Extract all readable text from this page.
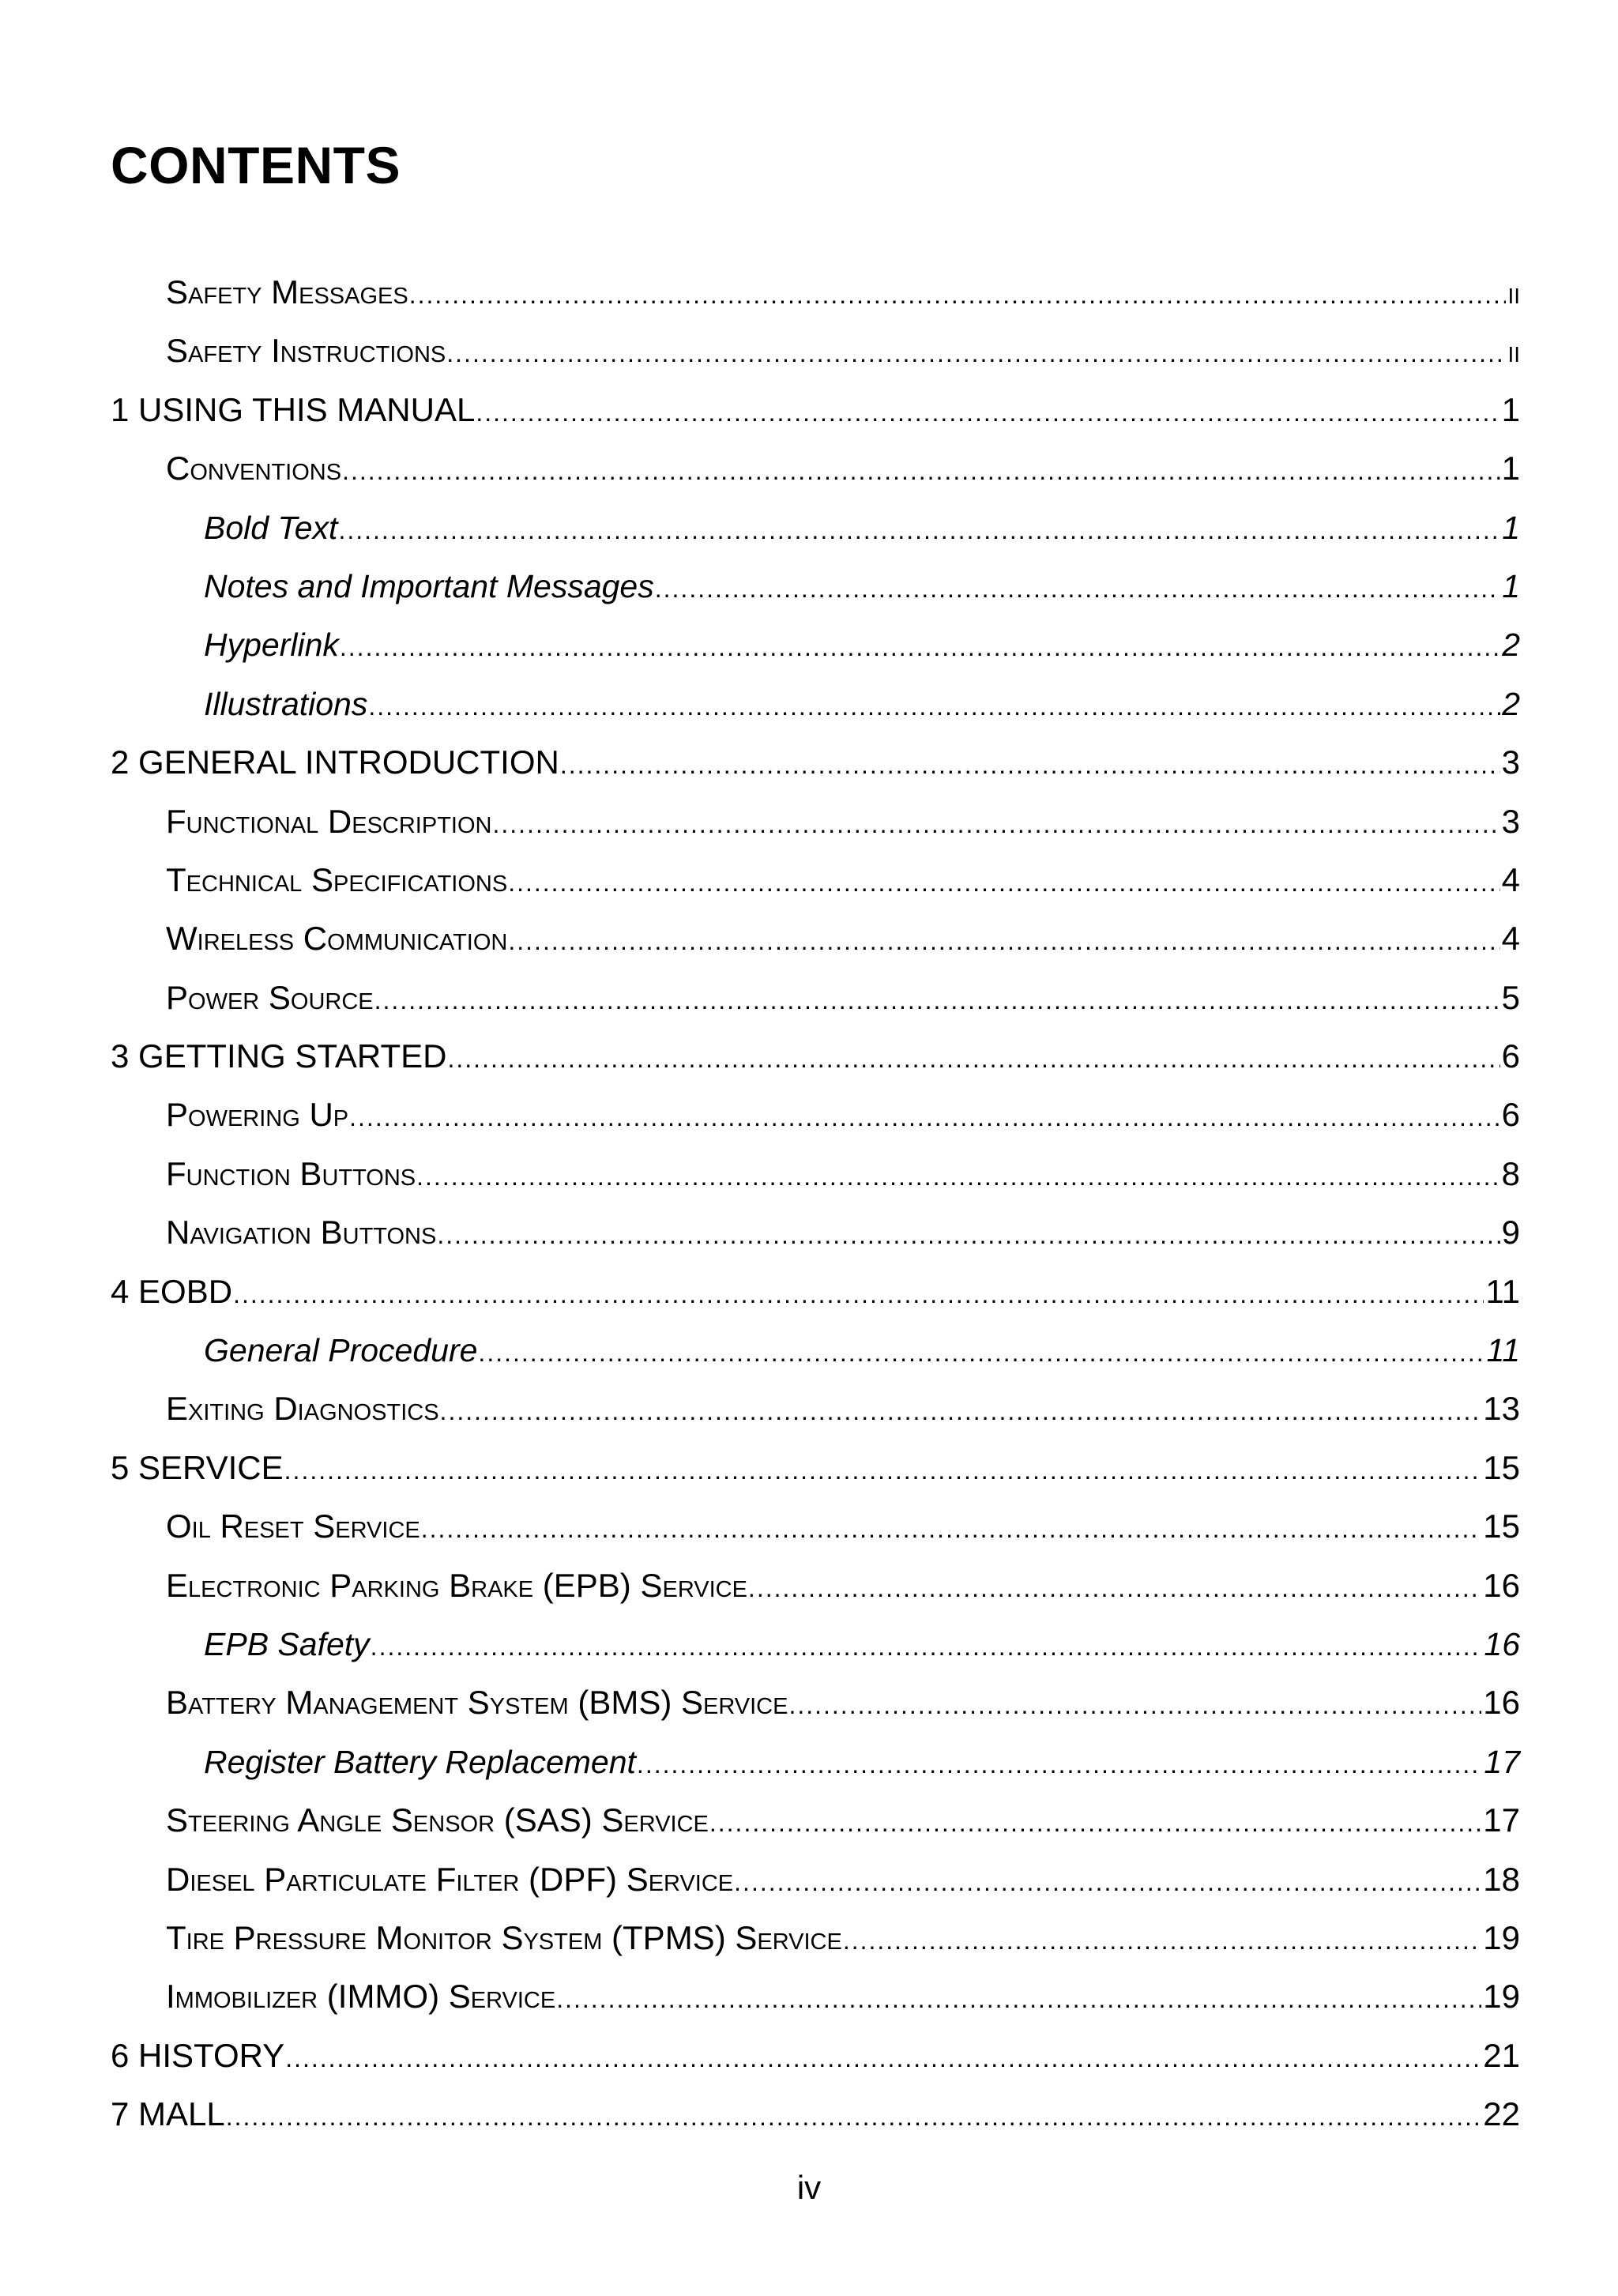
CONTENTS
Safety Messages .....	ii
Safety Instructions .....	ii
1 USING THIS MANUAL .....	1
Conventions .....	1
Bold Text .....	1
Notes and Important Messages .....	1
Hyperlink .....	2
Illustrations .....	2
2 GENERAL INTRODUCTION .....	3
Functional Description .....	3
Technical Specifications .....	4
Wireless Communication .....	4
Power Source .....	5
3 GETTING STARTED .....	6
Powering Up .....	6
Function Buttons .....	8
Navigation Buttons .....	9
4 EOBD .....	11
General Procedure .....	11
Exiting Diagnostics .....	13
5 SERVICE .....	15
Oil Reset Service .....	15
Electronic Parking Brake (EPB) Service .....	16
EPB Safety .....	16
Battery Management System (BMS) Service .....	16
Register Battery Replacement .....	17
Steering Angle Sensor (SAS) Service .....	17
Diesel Particulate Filter (DPF) Service .....	18
Tire Pressure Monitor System (TPMS) Service .....	19
Immobilizer (IMMO) Service .....	19
6 HISTORY .....	21
7 MALL .....	22
iv
